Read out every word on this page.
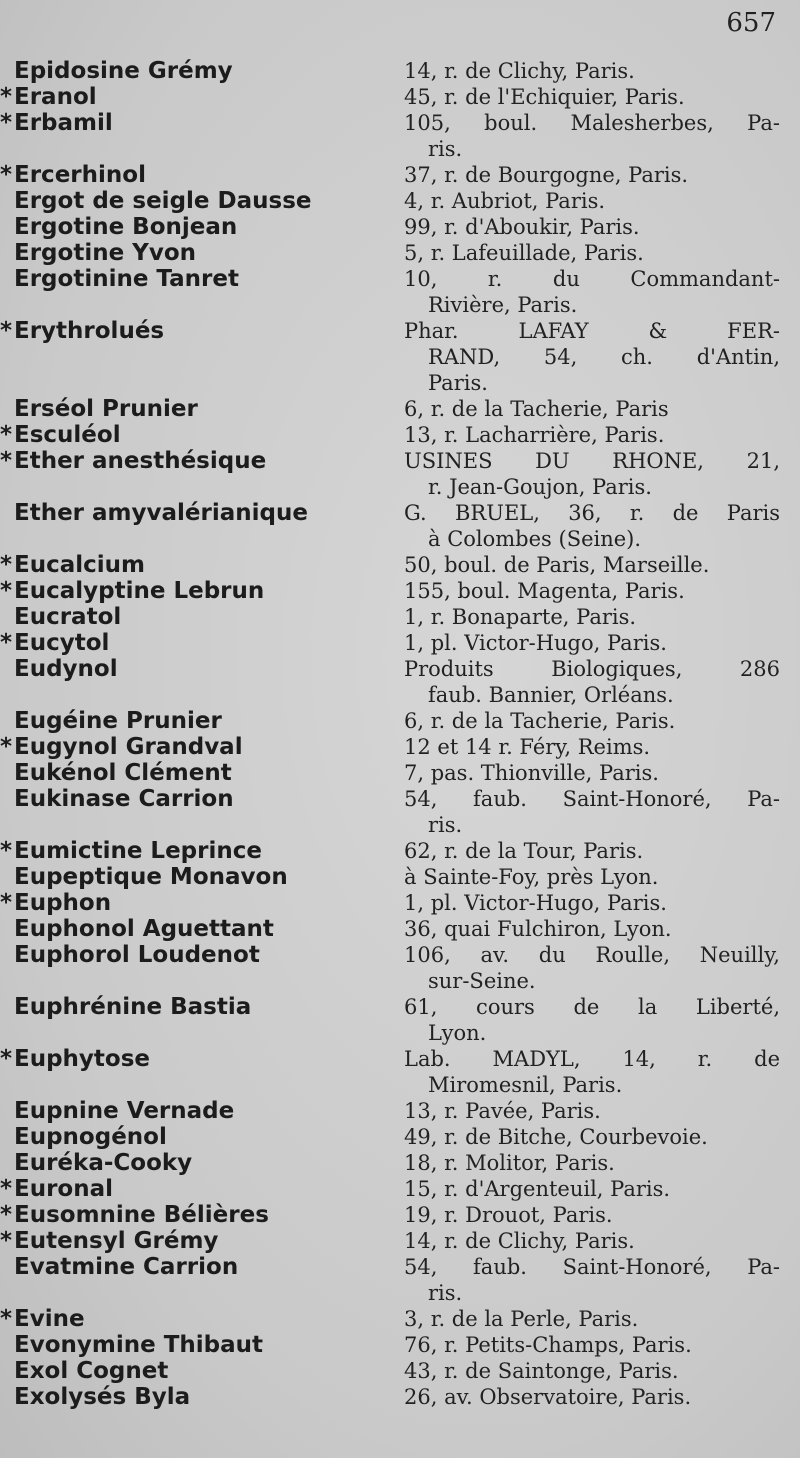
657
Epidosine Grémy	14, r. de Clichy, Paris.
*Eranol	45, r. de l'Echiquier, Paris.
*Erbamil	105, boul. Malesherbes, Pa-
ris.
*Ercerhinol	37, r. de Bourgogne, Paris.
Ergot de seigle Dausse	4, r. Aubriot, Paris.
Ergotine Bonjean	99, r. d'Aboukir, Paris.
Ergotine Yvon	5, r. Lafeuillade, Paris.
Ergotinine Tanret	10, r. du Commandant-
Rivière, Paris.
*Erythrolués	Phar. LAFAY & FER-
RAND, 54, ch. d'Antin,
Paris.
Erséol Prunier	6, r. de la Tacherie, Paris
*Esculéol	13, r. Lacharrière, Paris.
*Ether anesthésique	USINES DU RHONE, 21,
r. Jean-Goujon, Paris.
Ether amyvalérianique	G. BRUEL, 36, r. de Paris
à Colombes (Seine).
*Eucalcium	50, boul. de Paris, Marseille.
*Eucalyptine Lebrun	155, boul. Magenta, Paris.
Eucratol	1, r. Bonaparte, Paris.
*Eucytol	1, pl. Victor-Hugo, Paris.
Eudynol	Produits Biologiques, 286
faub. Bannier, Orléans.
Eugéine Prunier	6, r. de la Tacherie, Paris.
*Eugynol Grandval	12 et 14 r. Féry, Reims.
Eukénol Clément	7, pas. Thionville, Paris.
Eukinase Carrion	54, faub. Saint-Honoré, Pa-
ris.
*Eumictine Leprince	62, r. de la Tour, Paris.
Eupeptique Monavon	à Sainte-Foy, près Lyon.
*Euphon	1, pl. Victor-Hugo, Paris.
Euphonol Aguettant	36, quai Fulchiron, Lyon.
Euphorol Loudenot	106, av. du Roulle, Neuilly,
sur-Seine.
Euphrénine Bastia	61, cours de la Liberté,
Lyon.
*Euphytose	Lab. MADYL, 14, r. de
Miromesnil, Paris.
Eupnine Vernade	13, r. Pavée, Paris.
Eupnogénol	49, r. de Bitche, Courbevoie.
Euréka-Cooky	18, r. Molitor, Paris.
*Euronal	15, r. d'Argenteuil, Paris.
*Eusomnine Bélières	19, r. Drouot, Paris.
*Eutensyl Grémy	14, r. de Clichy, Paris.
Evatmine Carrion	54, faub. Saint-Honoré, Pa-
ris.
*Evine	3, r. de la Perle, Paris.
Evonymine Thibaut	76, r. Petits-Champs, Paris.
Exol Cognet	43, r. de Saintonge, Paris.
Exolysés Byla	26, av. Observatoire, Paris.
